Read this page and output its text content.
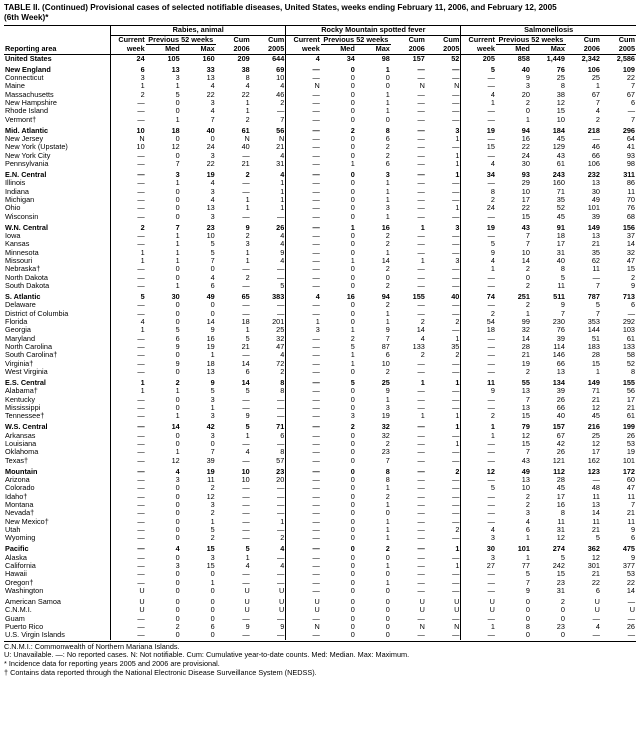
TABLE II. (Continued) Provisional cases of selected notifiable diseases, United States, weeks ending February 11, 2006, and February 12, 2005
(6th Week)*
	Rabies, animal					Rocky Mountain spotted fever					Salmonellosis				
	Current	Previous 52 weeks		Cum	Cum	Current	Previous 52 weeks		Cum	Cum	Current	Previous 52 weeks		Cum	Cum
Reporting area	week	Med	Max	2006	2005	week	Med	Max	2006	2005	week	Med	Max	2006	2005
United States	24	105	160	209	644	4	34	98	157	52	205	858	1,449	2,342	2,586

New England	6	13	33	38	69	—	0	1	—	—	5	40	76	106	109
Connecticut	3	3	13	8	10	—	0	0	—	—	—	9	25	25	22
Maine	1	1	4	4	4	N	0	0	N	N	—	3	8	1	7
Massachusetts	2	5	22	22	46	—	0	1	—	—	4	20	38	67	67
New Hampshire	—	0	3	1	2	—	0	1	—	—	1	2	12	7	6
Rhode Island	—	0	4	1	—	—	0	1	—	—	—	0	15	4	—
Vermont†	—	1	7	2	7	—	0	0	—	—	—	1	10	2	7

Mid. Atlantic	10	18	40	61	56	—	2	8	—	3	19	94	184	218	296
New Jersey	N	0	0	N	N	—	0	6	—	1	—	16	45	—	64
New York (Upstate)	10	12	24	40	21	—	0	2	—	—	15	22	129	46	41
New York City	—	0	3	—	4	—	0	2	—	1	—	24	43	66	93
Pennsylvania	—	7	22	21	31	—	1	6	—	1	4	30	61	106	98

E.N. Central	—	3	19	2	4	—	0	3	—	1	34	93	243	232	311
Illinois	—	1	4	—	1	—	0	1	—	—	—	29	160	13	86
Indiana	—	0	3	—	1	—	0	1	—	—	8	10	71	30	11
Michigan	—	0	4	1	1	—	0	1	—	—	2	17	35	49	70
Ohio	—	0	13	1	1	—	0	3	—	1	24	22	52	101	76
Wisconsin	—	0	3	—	—	—	0	1	—	—	—	15	45	39	68

W.N. Central	2	7	23	9	26	—	1	16	1	3	19	43	91	149	156
Iowa	—	1	10	2	4	—	0	2	—	—	—	7	18	13	37
Kansas	—	1	5	3	4	—	0	2	—	—	5	7	17	21	14
Minnesota	1	1	5	1	9	—	0	1	—	—	9	10	31	35	32
Missouri	1	1	7	1	4	—	1	14	1	3	4	14	40	62	47
Nebraska†	—	0	0	—	—	—	0	2	—	—	1	2	8	11	15
North Dakota	—	0	4	2	—	—	0	0	—	—	—	0	5	—	2
South Dakota	—	1	6	—	5	—	0	2	—	—	—	2	11	7	9

S. Atlantic	5	30	49	65	383	4	16	94	155	40	74	251	511	787	713
Delaware	—	0	0	—	—	—	0	2	—	—	—	2	9	5	6
District of Columbia	—	0	0	—	—	—	0	1	—	—	2	1	7	7	—
Florida	4	0	14	18	201	1	0	1	2	2	54	99	230	353	292
Georgia	1	5	9	1	25	3	1	9	14	—	18	32	76	144	103
Maryland	—	6	16	5	32	—	2	7	4	1	—	14	39	51	61
North Carolina	—	9	19	21	47	—	5	87	133	35	—	28	114	183	133
South Carolina†	—	0	1	—	4	—	1	6	2	2	—	21	146	28	58
Virginia†	—	9	18	14	72	—	1	10	—	—	—	19	66	15	52
West Virginia	—	0	13	6	2	—	0	2	—	—	—	2	13	1	8

E.S. Central	1	2	9	14	8	—	5	25	1	1	11	55	134	149	155
Alabama†	1	1	5	5	8	—	0	9	—	—	9	13	39	71	56
Kentucky	—	0	3	—	—	—	0	1	—	—	—	7	26	21	17
Mississippi	—	0	1	—	—	—	0	3	—	—	—	13	66	12	21
Tennessee†	—	1	3	9	—	—	3	19	1	1	2	15	40	45	61

W.S. Central	—	14	42	5	71	—	2	32	—	1	1	79	157	216	199
Arkansas	—	0	3	1	6	—	0	32	—	—	1	12	67	25	26
Louisiana	—	0	0	—	—	—	0	2	—	1	—	15	42	12	53
Oklahoma	—	1	7	4	8	—	0	23	—	—	—	7	26	17	19
Texas†	—	12	39	—	57	—	0	7	—	—	—	43	121	162	101

Mountain	—	4	19	10	23	—	0	8	—	2	12	49	112	123	172
Arizona	—	3	11	10	20	—	0	8	—	—	—	13	28	—	60
Colorado	—	0	2	—	—	—	0	1	—	—	5	10	45	48	47
Idaho†	—	0	12	—	—	—	0	2	—	—	—	2	17	11	11
Montana	—	0	3	—	—	—	0	1	—	—	—	2	16	13	7
Nevada†	—	0	2	—	—	—	0	0	—	—	—	3	8	14	21
New Mexico†	—	0	1	—	1	—	0	1	—	—	—	4	11	11	11
Utah	—	0	5	—	—	—	0	1	—	2	4	6	31	21	9
Wyoming	—	0	2	—	2	—	0	1	—	—	3	1	12	5	6

Pacific	—	4	15	5	4	—	0	2	—	1	30	101	274	362	475
Alaska	—	0	3	1	—	—	0	0	—	—	3	1	5	12	9
California	—	3	15	4	4	—	0	1	—	1	27	77	242	301	377
Hawaii	—	0	0	—	—	—	0	0	—	—	—	5	15	21	53
Oregon†	—	0	1	—	—	—	0	1	—	—	—	7	23	22	22
Washington	U	0	0	U	U	—	0	0	—	—	—	9	31	6	14

American Samoa	U	0	0	U	U	U	0	0	U	U	U	0	2	U	—
C.N.M.I.	U	0	0	U	U	U	0	0	U	U	U	0	0	U	U
Guam	—	0	0	—	—	—	0	0	—	—	—	0	0	—	—
Puerto Rico	—	2	6	9	9	N	0	0	N	N	1	8	23	4	26
U.S. Virgin Islands	—	0	0	—	—	—	0	0	—	—	—	0	0	—	—
C.N.M.I.: Commonwealth of Northern Mariana Islands.
U: Unavailable. —: No reported cases. N: Not notifiable. Cum: Cumulative year-to-date counts. Med: Median. Max: Maximum.
* Incidence data for reporting years 2005 and 2006 are provisional.
† Contains data reported through the National Electronic Disease Surveillance System (NEDSS).
